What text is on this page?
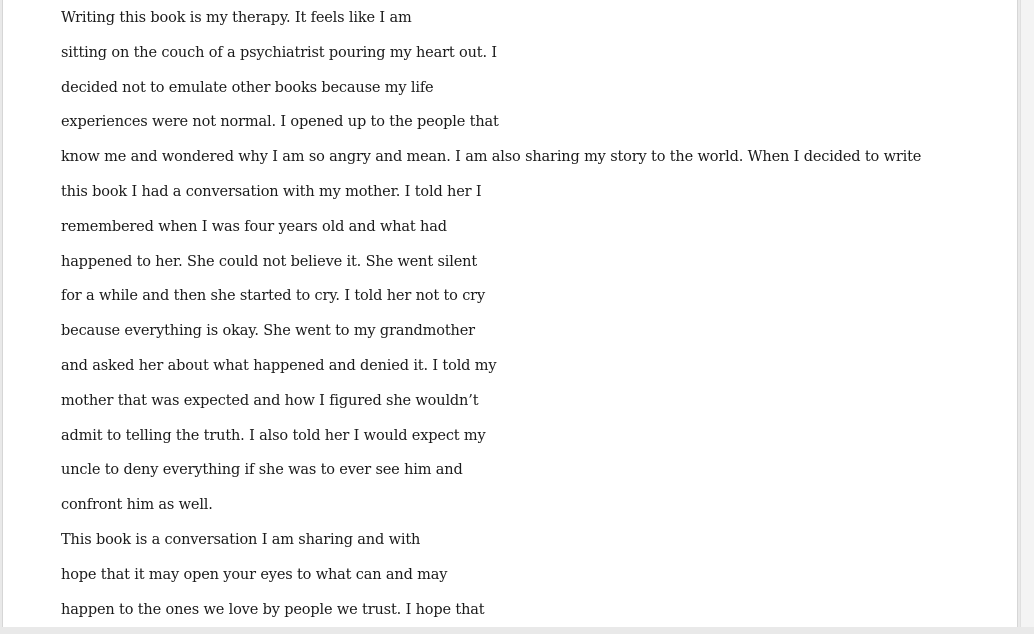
Writing this book is my therapy. It feels like I am
sitting on the couch of a psychiatrist pouring my heart out. I
decided not to emulate other books because my life
experiences were not normal. I opened up to the people that
know me and wondered why I am so angry and mean. I am also sharing my story to the world. When I decided to write
this book I had a conversation with my mother. I told her I
remembered when I was four years old and what had
happened to her. She could not believe it. She went silent
for a while and then she started to cry. I told her not to cry
because everything is okay. She went to my grandmother
and asked her about what happened and denied it. I told my
mother that was expected and how I figured she wouldn’t
admit to telling the truth. I also told her I would expect my
uncle to deny everything if she was to ever see him and
confront him as well.
This book is a conversation I am sharing and with
hope that it may open your eyes to what can and may
happen to the ones we love by people we trust. I hope that
